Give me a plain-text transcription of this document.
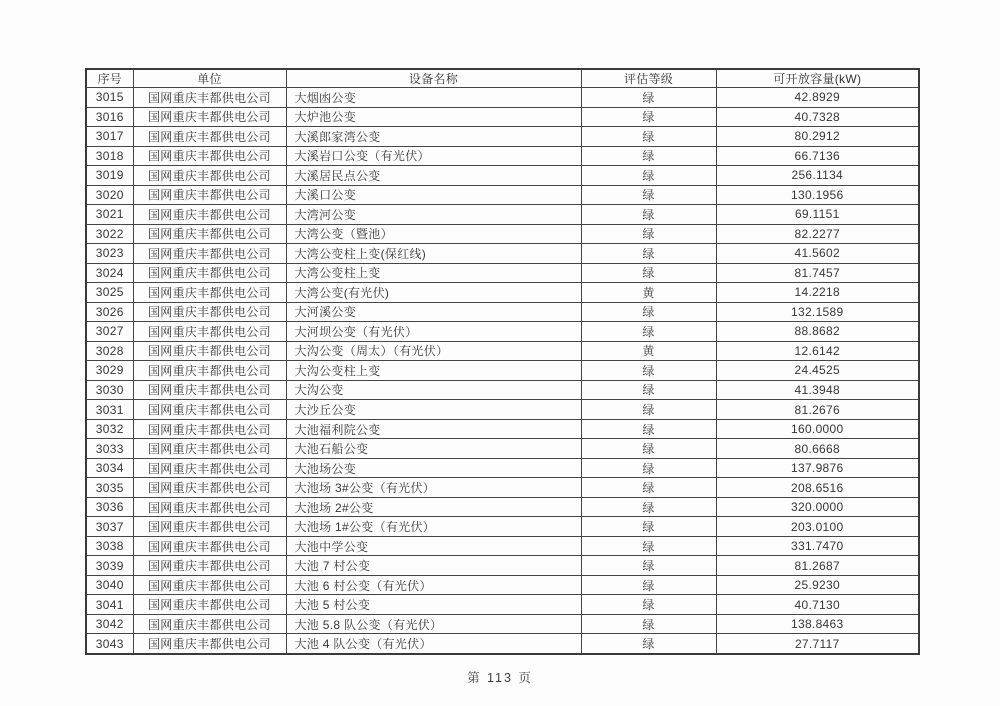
序号	单位	设备名称	评估等级	可开放容量(kW)
3015	国网重庆丰都供电公司	大烟凼公变	绿	42.8929
3016	国网重庆丰都供电公司	大炉池公变	绿	40.7328
3017	国网重庆丰都供电公司	大溪郎家湾公变	绿	80.2912
3018	国网重庆丰都供电公司	大溪岩口公变（有光伏）	绿	66.7136
3019	国网重庆丰都供电公司	大溪居民点公变	绿	256.1134
3020	国网重庆丰都供电公司	大溪口公变	绿	130.1956
3021	国网重庆丰都供电公司	大湾河公变	绿	69.1151
3022	国网重庆丰都供电公司	大湾公变（暨池）	绿	82.2277
3023	国网重庆丰都供电公司	大湾公变柱上变(保红线)	绿	41.5602
3024	国网重庆丰都供电公司	大湾公变柱上变	绿	81.7457
3025	国网重庆丰都供电公司	大湾公变(有光伏)	黄	14.2218
3026	国网重庆丰都供电公司	大河溪公变	绿	132.1589
3027	国网重庆丰都供电公司	大河坝公变（有光伏）	绿	88.8682
3028	国网重庆丰都供电公司	大沟公变（周太）（有光伏）	黄	12.6142
3029	国网重庆丰都供电公司	大沟公变柱上变	绿	24.4525
3030	国网重庆丰都供电公司	大沟公变	绿	41.3948
3031	国网重庆丰都供电公司	大沙丘公变	绿	81.2676
3032	国网重庆丰都供电公司	大池福利院公变	绿	160.0000
3033	国网重庆丰都供电公司	大池石船公变	绿	80.6668
3034	国网重庆丰都供电公司	大池场公变	绿	137.9876
3035	国网重庆丰都供电公司	大池场 3#公变（有光伏）	绿	208.6516
3036	国网重庆丰都供电公司	大池场 2#公变	绿	320.0000
3037	国网重庆丰都供电公司	大池场 1#公变（有光伏）	绿	203.0100
3038	国网重庆丰都供电公司	大池中学公变	绿	331.7470
3039	国网重庆丰都供电公司	大池 7 村公变	绿	81.2687
3040	国网重庆丰都供电公司	大池 6 村公变（有光伏）	绿	25.9230
3041	国网重庆丰都供电公司	大池 5 村公变	绿	40.7130
3042	国网重庆丰都供电公司	大池 5.8 队公变（有光伏）	绿	138.8463
3043	国网重庆丰都供电公司	大池 4 队公变（有光伏）	绿	27.7117
第 113 页
